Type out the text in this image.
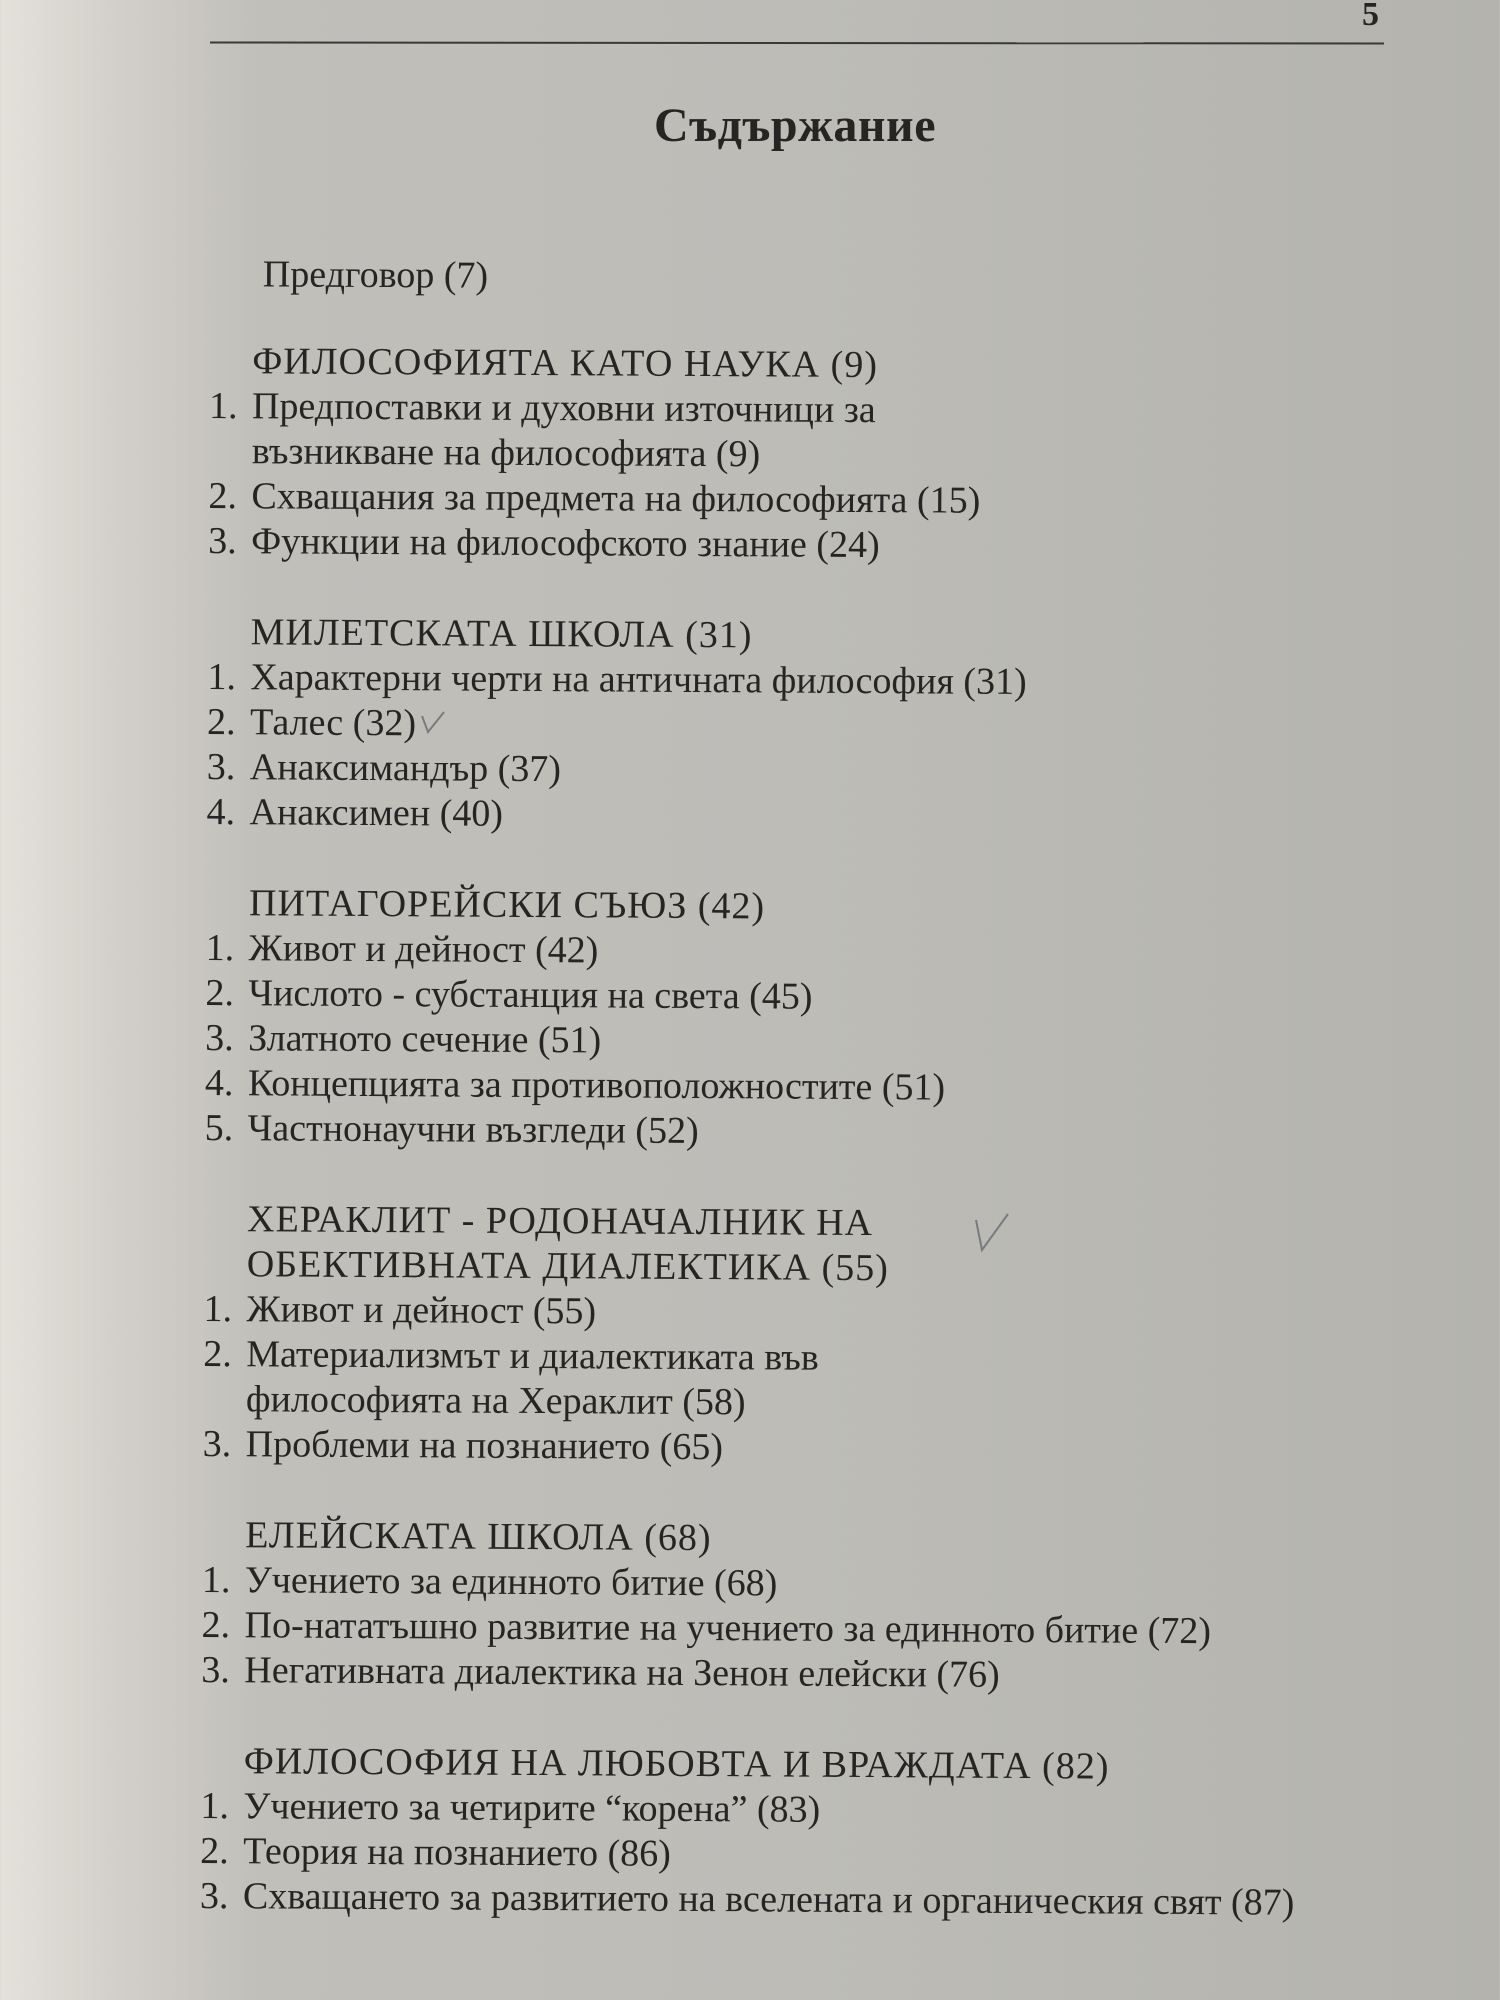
5
Съдържание
Предговор (7)
ФИЛОСОФИЯТА КАТО НАУКА (9)
1. Предпоставки и духовни източници за
възникване на философията (9)
2. Схващания за предмета на философията (15)
3. Функции на философското знание (24)
МИЛЕТСКАТА ШКОЛА (31)
1. Характерни черти на античната философия (31)
2. Талес (32)
3. Анаксимандър (37)
4. Анаксимен (40)
ПИТАГОРЕЙСКИ СЪЮЗ (42)
1. Живот и дейност (42)
2. Числото - субстанция на света (45)
3. Златното сечение (51)
4. Концепцията за противоположностите (51)
5. Частнонаучни възгледи (52)
ХЕРАКЛИТ - РОДОНАЧАЛНИК НА
ОБЕКТИВНАТА ДИАЛЕКТИКА (55)
1. Живот и дейност (55)
2. Материализмът и диалектиката във
философията на Хераклит (58)
3. Проблеми на познанието (65)
ЕЛЕЙСКАТА ШКОЛА (68)
1. Учението за единното битие (68)
2. По-нататъшно развитие на учението за единното битие (72)
3. Негативната диалектика на Зенон елейски (76)
ФИЛОСОФИЯ НА ЛЮБОВТА И ВРАЖДАТА (82)
1. Учението за четирите “корена” (83)
2. Теория на познанието (86)
3. Схващането за развитието на вселената и органическия свят (87)
